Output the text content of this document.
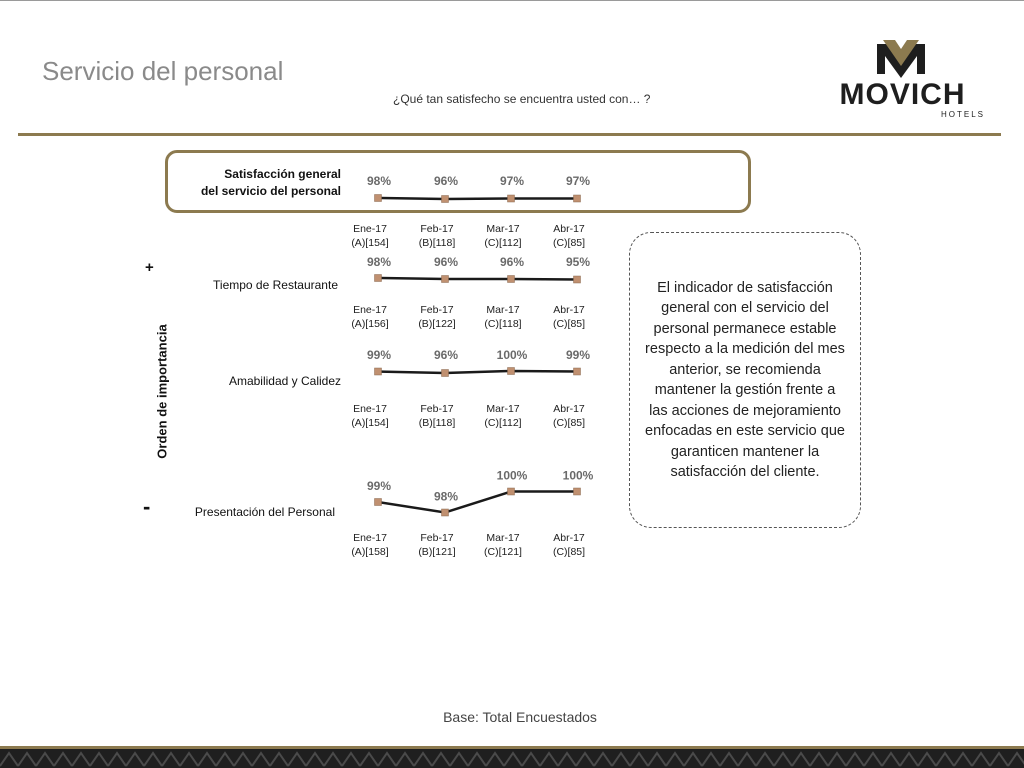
Servicio del personal
¿Qué tan satisfecho se encuentra usted con… ?	MOVICH
HOTELS
Satisfacción general
del servicio del personal
Tiempo de Restaurante
Amabilidad y Calidez
Presentación del Personal
+
-
Orden de importancia
98%
Ene-17
(A)[154]
96%
Feb-17
(B)[118]
97%
Mar-17
(C)[112]
97%
Abr-17
(C)[85]
98%
Ene-17
(A)[156]
96%
Feb-17
(B)[122]
96%
Mar-17
(C)[118]
95%
Abr-17
(C)[85]
99%
Ene-17
(A)[154]
96%
Feb-17
(B)[118]
100%
Mar-17
(C)[112]
99%
Abr-17
(C)[85]
99%
Ene-17
(A)[158]
98%
Feb-17
(B)[121]
100%
Mar-17
(C)[121]
100%
Abr-17
(C)[85]
El indicador de satisfacción general con el servicio del personal permanece estable respecto a la medición del mes anterior, se recomienda mantener la gestión frente a las acciones de mejoramiento enfocadas en este servicio que garanticen mantener la satisfacción del cliente.
Base: Total Encuestados
